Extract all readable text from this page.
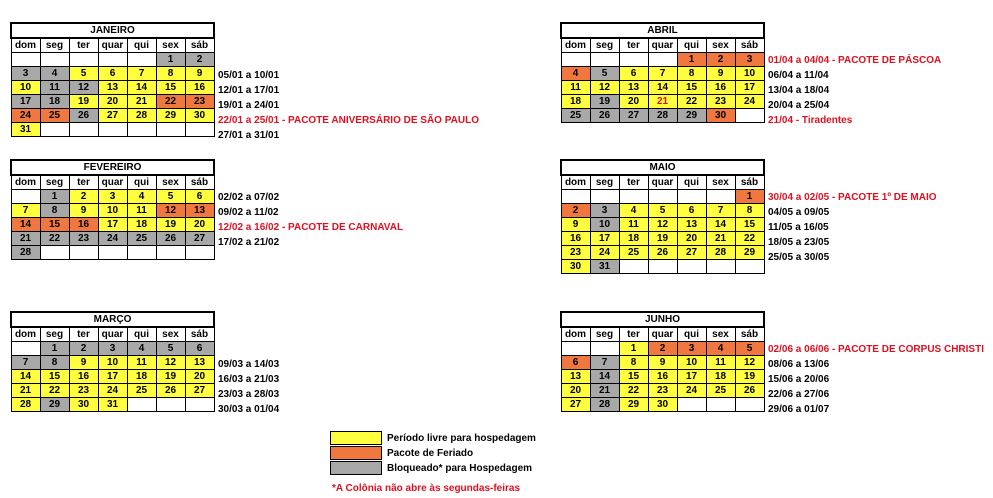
JANEIRO						
dom	seg	ter	quar	qui	sex	sáb
					1	2
3	4	5	6	7	8	9
10	11	12	13	14	15	16
17	18	19	20	21	22	23
24	25	26	27	28	29	30
31						
05/01 a 10/01
12/01 a 17/01
19/01 a 24/01
22/01 a 25/01 - PACOTE ANIVERSÁRIO DE SÃO PAULO
27/01 a 31/01
FEVEREIRO						
dom	seg	ter	quar	qui	sex	sáb
	1	2	3	4	5	6
7	8	9	10	11	12	13
14	15	16	17	18	19	20
21	22	23	24	25	26	27
28						
02/02 a 07/02
09/02 a 11/02
12/02 a 16/02 - PACOTE DE CARNAVAL
17/02 a 21/02
MARÇO						
dom	seg	ter	quar	qui	sex	sáb
	1	2	3	4	5	6
7	8	9	10	11	12	13
14	15	16	17	18	19	20
21	22	23	24	25	26	27
28	29	30	31			
09/03 a 14/03
16/03 a 21/03
23/03 a 28/03
30/03 a 01/04
ABRIL						
dom	seg	ter	quar	qui	sex	sáb
				1	2	3
4	5	6	7	8	9	10
11	12	13	14	15	16	17
18	19	20	21	22	23	24
25	26	27	28	29	30	
01/04 a 04/04 - PACOTE DE PÁSCOA
06/04 a 11/04
13/04 a 18/04
20/04 a 25/04
21/04 - Tiradentes
MAIO						
dom	seg	ter	quar	qui	sex	sáb
						1
2	3	4	5	6	7	8
9	10	11	12	13	14	15
16	17	18	19	20	21	22
23	24	25	26	27	28	29
30	31					
30/04 a 02/05 - PACOTE 1º DE MAIO
04/05 a 09/05
11/05 a 16/05
18/05 a 23/05
25/05 a 30/05
JUNHO						
dom	seg	ter	quar	qui	sex	sáb
		1	2	3	4	5
6	7	8	9	10	11	12
13	14	15	16	17	18	19
20	21	22	23	24	25	26
27	28	29	30			
02/06 a 06/06 - PACOTE DE CORPUS CHRISTI
08/06 a 13/06
15/06 a 20/06
22/06 a 27/06
29/06 a 01/07
Período livre para hospedagem
Pacote de Feriado
Bloqueado* para Hospedagem
*A Colônia não abre às segundas-feiras
